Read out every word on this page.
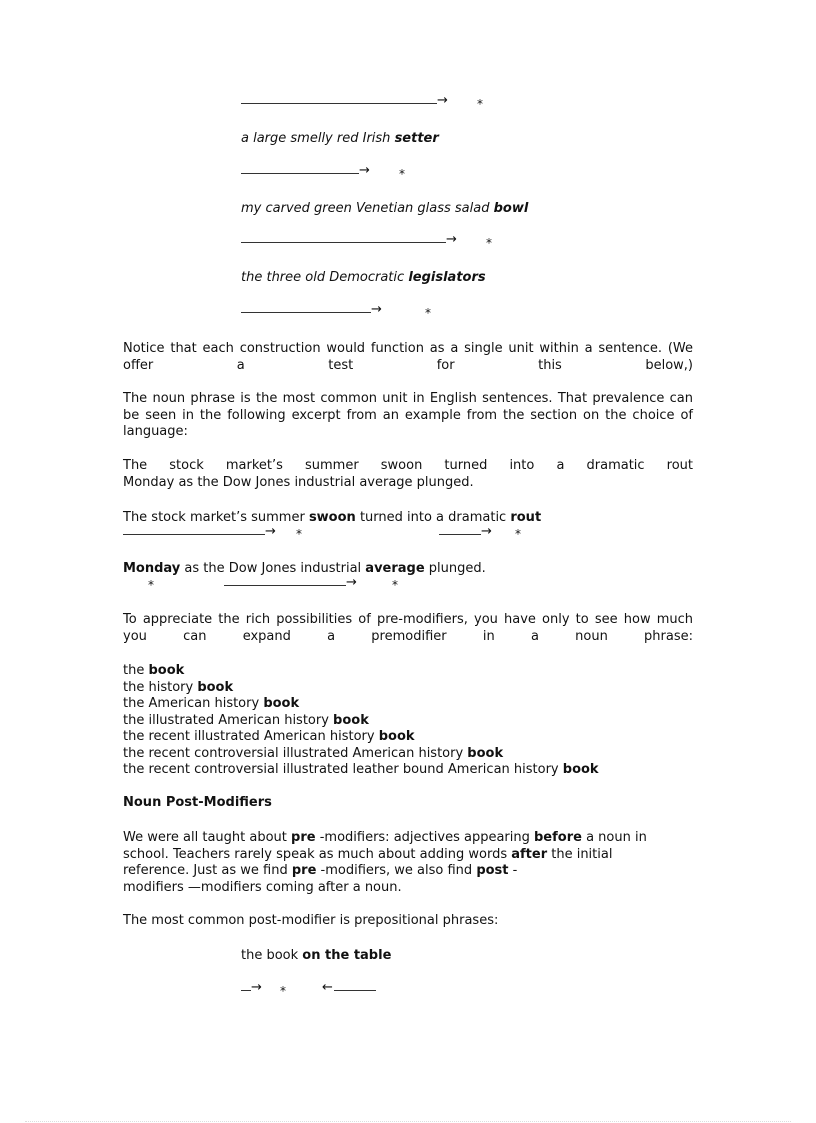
→ *
a large smelly red Irish setter
→ *
my carved green Venetian glass salad bowl
→ *
the three old Democratic legislators
→	*
Notice that each construction would function as a single unit within a sentence. (We offer a test for this below,)
The noun phrase is the most common unit in English sentences. That prevalence can be seen in the following excerpt from an example from the section on the choice of language:
The stock market’s summer swoon turned into a dramatic rout
Monday as the Dow Jones industrial average plunged.
The stock market’s summer swoon turned into a dramatic rout
→ *	→ *
Monday as the Dow Jones industrial average plunged.
*	→	*
To appreciate the rich possibilities of pre-modifiers, you have only to see how much you can expand a premodifier in a noun phrase:
the book
the history book
the American history book
the illustrated American history book
the recent illustrated American history book
the recent controversial illustrated American history book
the recent controversial illustrated leather bound American history book
Noun Post-Modifiers
We were all taught about pre -modifiers: adjectives appearing before a noun in
school. Teachers rarely speak as much about adding words after the initial
reference. Just as we find pre -modifiers, we also find post -
modifiers —modifiers coming after a noun.
The most common post-modifier is prepositional phrases:
the book on the table
→ *	←
